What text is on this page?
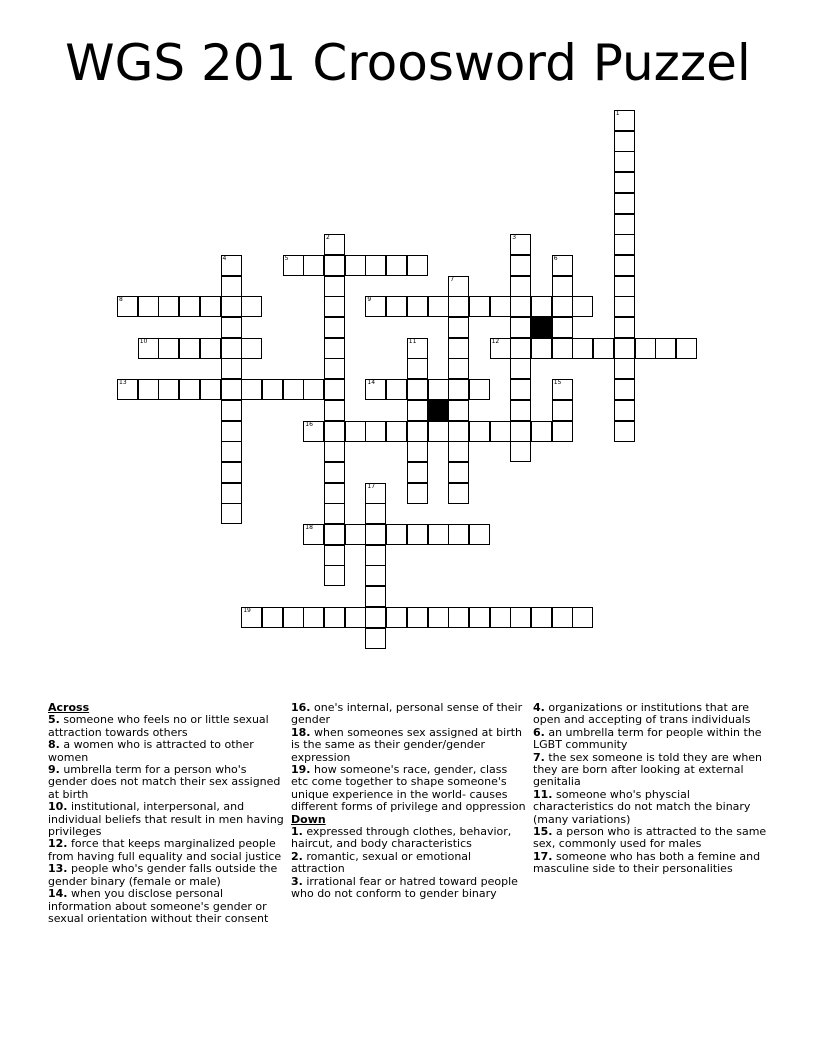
WGS 201 Croosword Puzzel
1
2	3
4	5	6
7
8	9
10	11	12
13	14	15
16
17
18
19

Across

5. someone who feels no or little sexual attraction towards others

8. a women who is attracted to other women

9. umbrella term for a person who's gender does not match their sex assigned at birth

10. institutional, interpersonal, and individual beliefs that result in men having privileges

12. force that keeps marginalized people from having full equality and social justice

13. people who's gender falls outside the gender binary (female or male)

14. when you disclose personal information about someone's gender or sexual orientation without their consent

16. one's internal, personal sense of their gender

18. when someones sex assigned at birth is the same as their gender/gender expression

19. how someone's race, gender, class etc come together to shape someone's unique experience in the world- causes different forms of privilege and oppression

Down

1. expressed through clothes, behavior, haircut, and body characteristics

2. romantic, sexual or emotional attraction

3. irrational fear or hatred toward people who do not conform to gender binary

4. organizations or institutions that are open and accepting of trans individuals

6. an umbrella term for people within the LGBT community

7. the sex someone is told they are when they are born after looking at external genitalia

11. someone who's physcial characteristics do not match the binary (many variations)

15. a person who is attracted to the same sex, commonly used for males

17. someone who has both a femine and masculine side to their personalities
